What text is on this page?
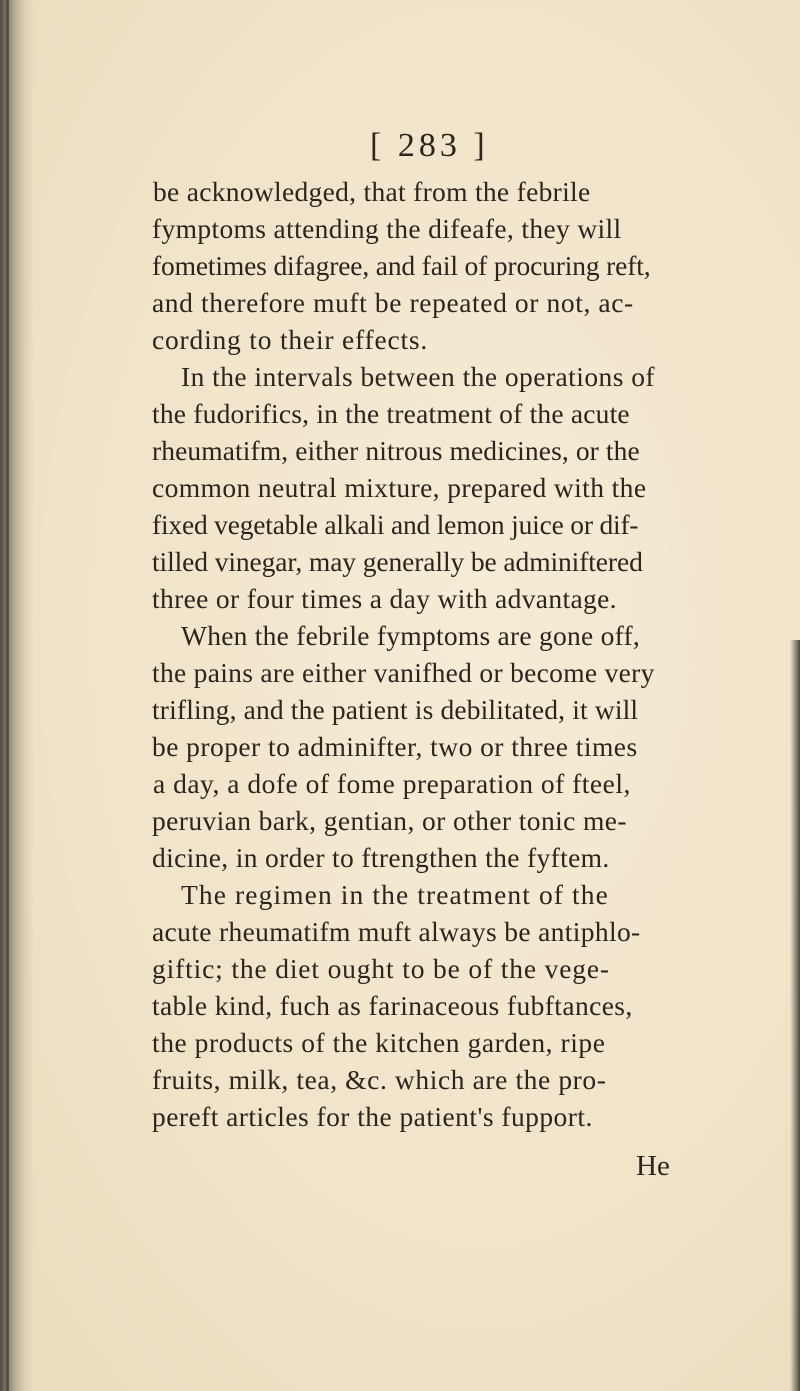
[ 283 ]
be acknowledged, that from the febrile
fymptoms attending the difeafe, they will
fometimes difagree, and fail of procuring reft,
and therefore muft be repeated or not, ac-
cording to their effects.
In the intervals between the operations of
the fudorifics, in the treatment of the acute
rheumatifm, either nitrous medicines, or the
common neutral mixture, prepared with the
fixed vegetable alkali and lemon juice or dif-
tilled vinegar, may generally be adminiftered
three or four times a day with advantage.
When the febrile fymptoms are gone off,
the pains are either vanifhed or become very
trifling, and the patient is debilitated, it will
be proper to adminifter, two or three times
a day, a dofe of fome preparation of fteel,
peruvian bark, gentian, or other tonic me-
dicine, in order to ftrengthen the fyftem.
The regimen in the treatment of the
acute rheumatifm muft always be antiphlo-
giftic; the diet ought to be of the vege-
table kind, fuch as farinaceous fubftances,
the products of the kitchen garden, ripe
fruits, milk, tea, &c. which are the pro-
pereft articles for the patient's fupport.
He
